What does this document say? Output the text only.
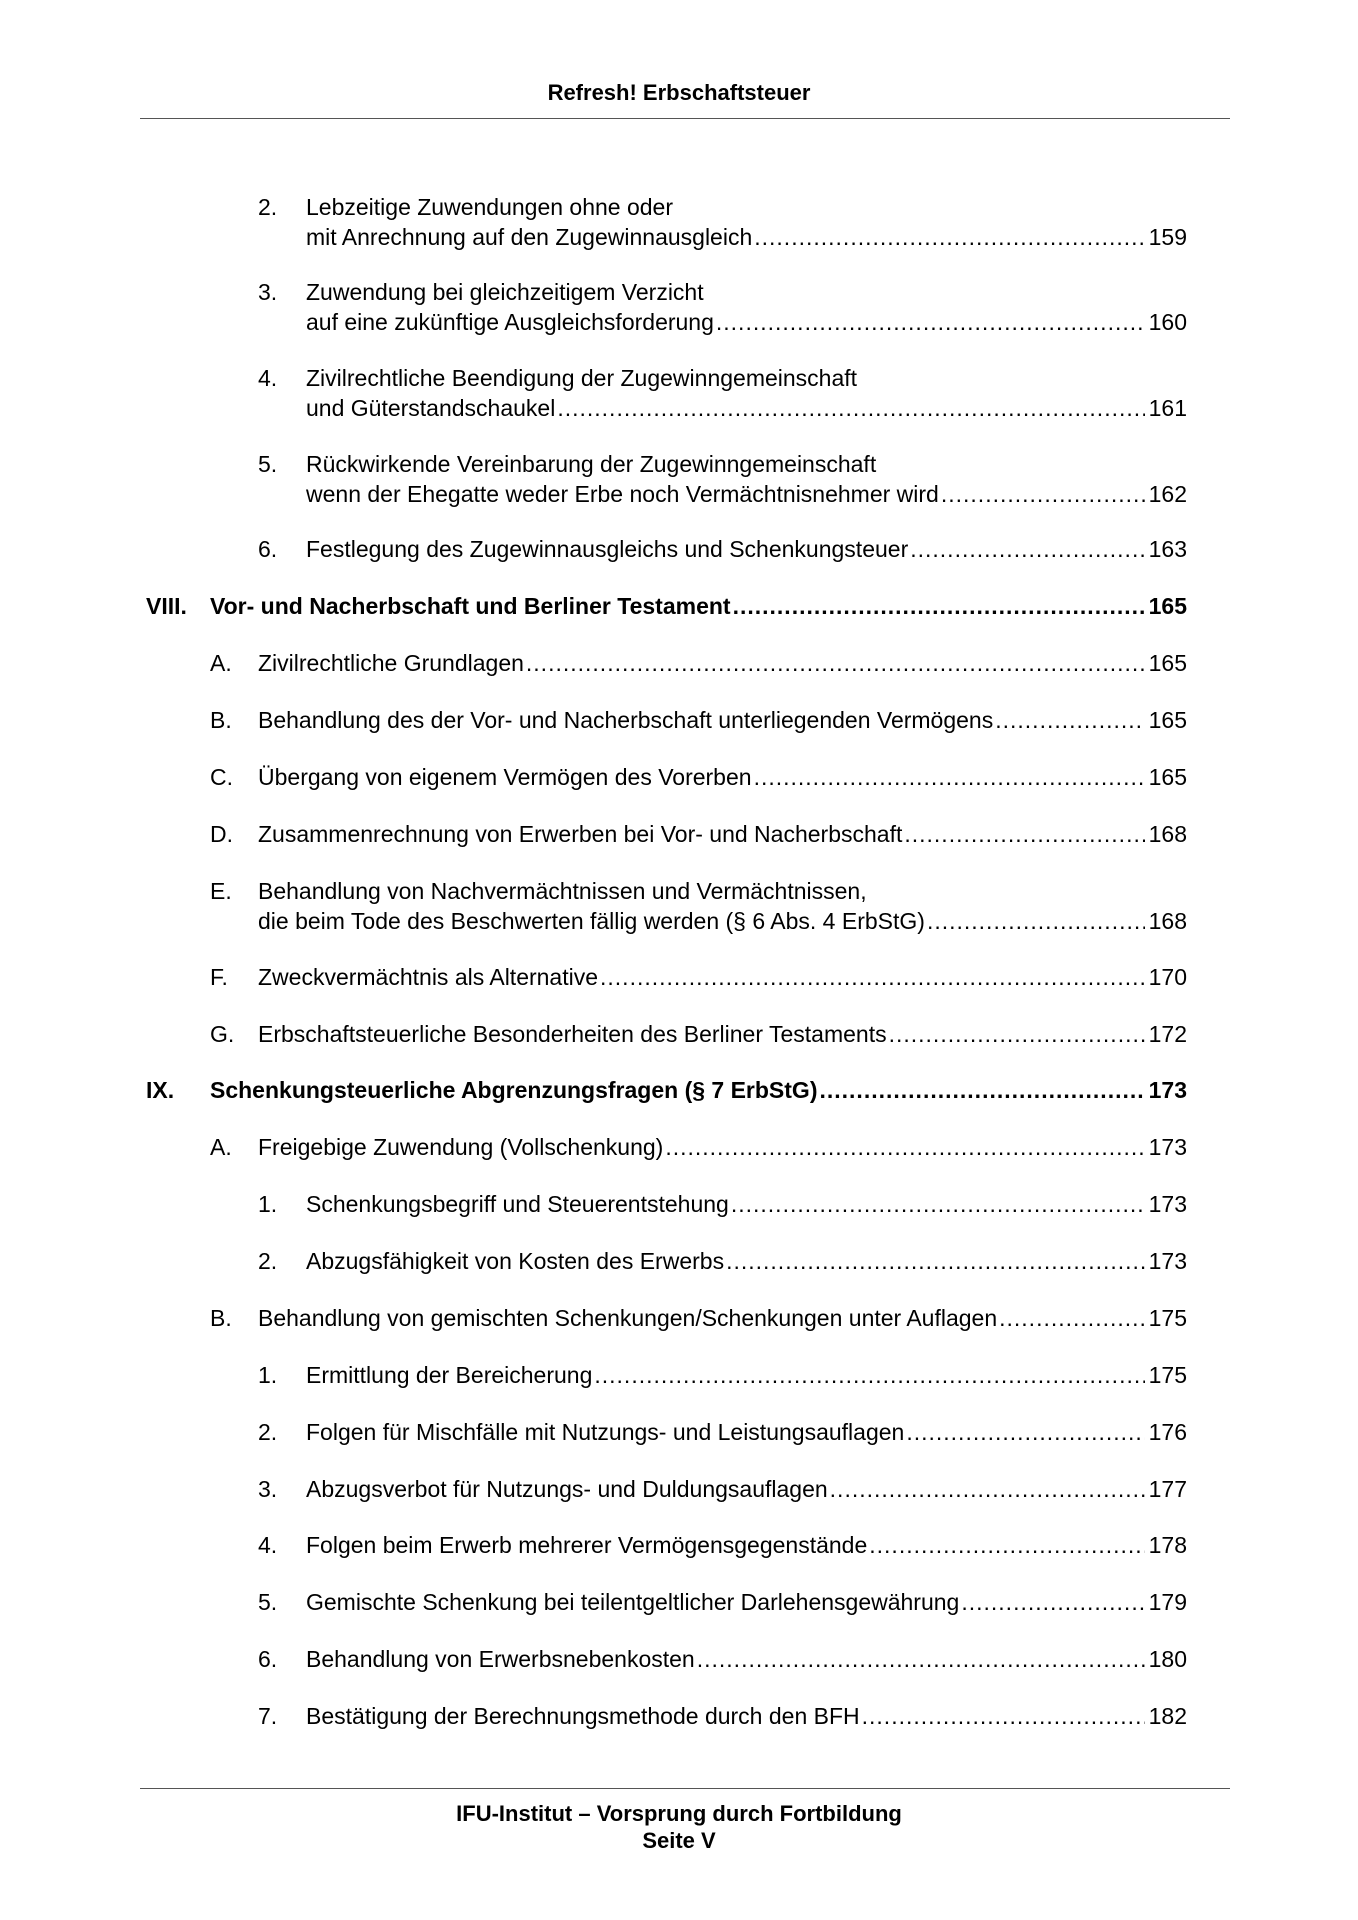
Refresh! Erbschaftsteuer
2. Lebzeitige Zuwendungen ohne oder
mit Anrechnung auf den Zugewinnausgleich .....	159
3. Zuwendung bei gleichzeitigem Verzicht
auf eine zukünftige Ausgleichsforderung .....	160
4. Zivilrechtliche Beendigung der Zugewinngemeinschaft
und Güterstandschaukel .....	161
5. Rückwirkende Vereinbarung der Zugewinngemeinschaft
wenn der Ehegatte weder Erbe noch Vermächtnisnehmer wird .....	162
6. Festlegung des Zugewinnausgleichs und Schenkungsteuer .....	163
VIII. Vor- und Nacherbschaft und Berliner Testament .....	165
A. Zivilrechtliche Grundlagen .....	165
B. Behandlung des der Vor- und Nacherbschaft unterliegenden Vermögens .....	165
C. Übergang von eigenem Vermögen des Vorerben .....	165
D. Zusammenrechnung von Erwerben bei Vor- und Nacherbschaft .....	168
E. Behandlung von Nachvermächtnissen und Vermächtnissen,
die beim Tode des Beschwerten fällig werden (§ 6 Abs. 4 ErbStG) .....	168
F. Zweckvermächtnis als Alternative .....	170
G. Erbschaftsteuerliche Besonderheiten des Berliner Testaments .....	172
IX. Schenkungsteuerliche Abgrenzungsfragen (§ 7 ErbStG) .....	173
A. Freigebige Zuwendung (Vollschenkung) .....	173
1. Schenkungsbegriff und Steuerentstehung .....	173
2. Abzugsfähigkeit von Kosten des Erwerbs .....	173
B. Behandlung von gemischten Schenkungen/Schenkungen unter Auflagen .....	175
1. Ermittlung der Bereicherung .....	175
2. Folgen für Mischfälle mit Nutzungs- und Leistungsauflagen .....	176
3. Abzugsverbot für Nutzungs- und Duldungsauflagen .....	177
4. Folgen beim Erwerb mehrerer Vermögensgegenstände .....	178
5. Gemischte Schenkung bei teilentgeltlicher Darlehensgewährung .....	179
6. Behandlung von Erwerbsnebenkosten .....	180
7. Bestätigung der Berechnungsmethode durch den BFH .....	182
IFU-Institut – Vorsprung durch Fortbildung
Seite V
